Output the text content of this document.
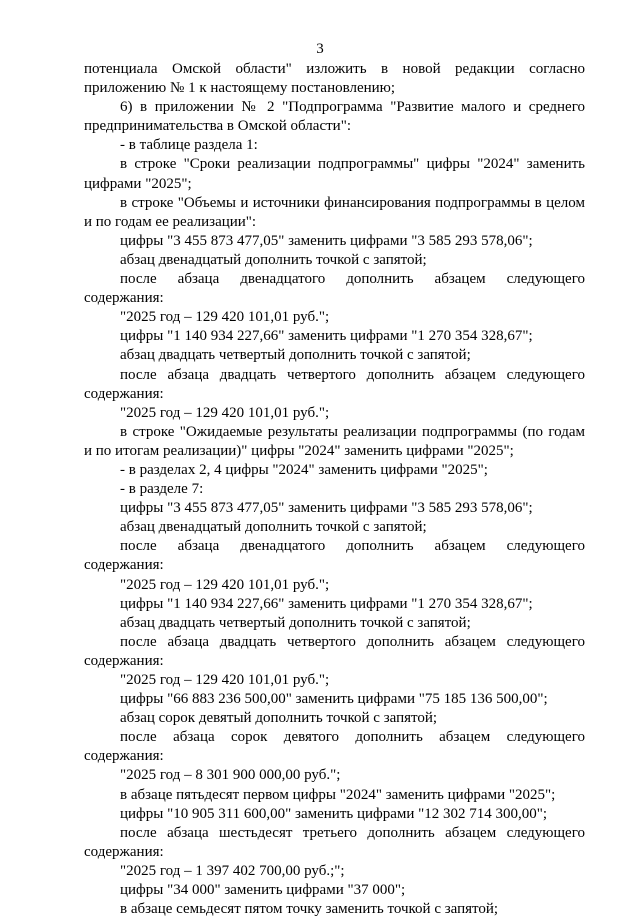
3
потенциала Омской области" изложить в новой редакции согласно
приложению № 1 к настоящему постановлению;
6) в приложении № 2 "Подпрограмма "Развитие малого и среднего
предпринимательства в Омской области":
- в таблице раздела 1:
в строке "Сроки реализации подпрограммы" цифры "2024" заменить
цифрами "2025";
в строке "Объемы и источники финансирования подпрограммы в целом
и по годам ее реализации":
цифры "3 455 873 477,05" заменить цифрами "3 585 293 578,06";
абзац двенадцатый дополнить точкой с запятой;
после абзаца двенадцатого дополнить абзацем следующего
содержания:
"2025 год – 129 420 101,01 руб.";
цифры "1 140 934 227,66" заменить цифрами "1 270 354 328,67";
абзац двадцать четвертый дополнить точкой с запятой;
после абзаца двадцать четвертого дополнить абзацем следующего
содержания:
"2025 год – 129 420 101,01 руб.";
в строке "Ожидаемые результаты реализации подпрограммы (по годам
и по итогам реализации)" цифры "2024" заменить цифрами "2025";
- в разделах 2, 4 цифры "2024" заменить цифрами "2025";
- в разделе 7:
цифры "3 455 873 477,05" заменить цифрами "3 585 293 578,06";
абзац двенадцатый дополнить точкой с запятой;
после абзаца двенадцатого дополнить абзацем следующего
содержания:
"2025 год – 129 420 101,01 руб.";
цифры "1 140 934 227,66" заменить цифрами "1 270 354 328,67";
абзац двадцать четвертый дополнить точкой с запятой;
после абзаца двадцать четвертого дополнить абзацем следующего
содержания:
"2025 год – 129 420 101,01 руб.";
цифры "66 883 236 500,00" заменить цифрами "75 185 136 500,00";
абзац сорок девятый дополнить точкой с запятой;
после абзаца сорок девятого дополнить абзацем следующего
содержания:
"2025 год – 8 301 900 000,00 руб.";
в абзаце пятьдесят первом цифры "2024" заменить цифрами "2025";
цифры "10 905 311 600,00" заменить цифрами "12 302 714 300,00";
после абзаца шестьдесят третьего дополнить абзацем следующего
содержания:
"2025 год – 1 397 402 700,00 руб.;";
цифры "34 000" заменить цифрами "37 000";
в абзаце семьдесят пятом точку заменить точкой с запятой;
